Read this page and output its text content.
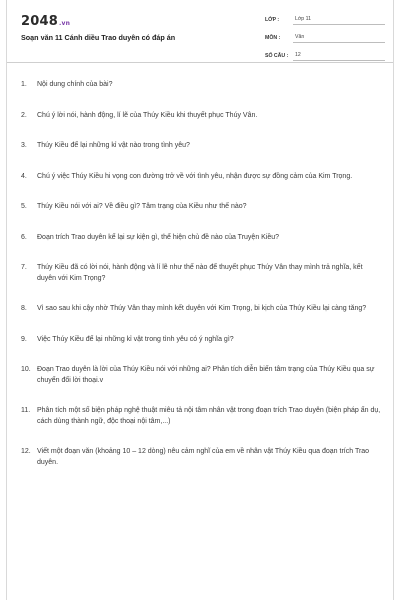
2048.vn
Soạn văn 11 Cánh diều Trao duyên có đáp án
LỚP :	Lớp 11
MÔN :	Văn
SỐ CÂU :	12
1.	Nội dung chính của bài?
2.	Chú ý lời nói, hành động, lí lẽ của Thúy Kiều khi thuyết phục Thúy Vân.
3.	Thúy Kiều để lại những kỉ vật nào trong tình yêu?
4.	Chú ý việc Thúy Kiều hi vọng con đường trở về với tình yêu, nhận được sự đồng cảm của Kim Trọng.
5.	Thúy Kiều nói với ai? Về điều gì? Tâm trạng của Kiều như thế nào?
6.	Đoạn trích Trao duyên kể lại sự kiện gì, thể hiện chủ đề nào của Truyện Kiều?
7.	Thúy Kiều đã có lời nói, hành động và lí lẽ như thế nào để thuyết phục Thúy Vân thay mình trả nghĩa, kết duyên với Kim Trọng?
8.	Vì sao sau khi cậy nhờ Thúy Vân thay mình kết duyên với Kim Trọng, bi kịch của Thúy Kiều lại càng tăng?
9.	Việc Thúy Kiều để lại những kỉ vật trong tình yêu có ý nghĩa gì?
10. Đoạn Trao duyên là lời của Thúy Kiều nói với những ai? Phân tích diễn biến tâm trạng của Thúy Kiều qua sự chuyển đổi lời thoại.v
11. Phân tích một số biện pháp nghệ thuật miêu tả nội tâm nhân vật trong đoạn trích Trao duyên (biện pháp ẩn dụ, cách dùng thành ngữ, độc thoại nội tâm,...)
12. Viết một đoạn văn (khoảng 10 – 12 dòng) nêu cảm nghĩ của em về nhân vật Thúy Kiều qua đoạn trích Trao duyên.
